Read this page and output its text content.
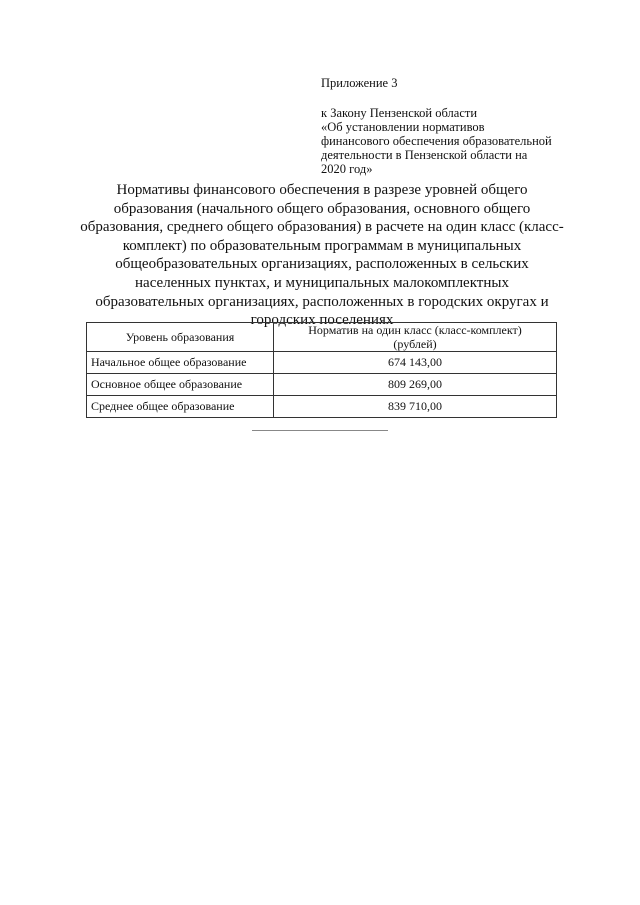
Приложение 3
к Закону Пензенской области
«Об установлении нормативов
финансового обеспечения образовательной
деятельности в Пензенской области на
2020 год»
Нормативы финансового обеспечения в разрезе уровней общего
образования (начального общего образования, основного общего
образования, среднего общего образования) в расчете на один класс (класс-
комплект) по образовательным программам в муниципальных
общеобразовательных организациях, расположенных в сельских
населенных пунктах, и муниципальных малокомплектных
образовательных организациях, расположенных в городских округах и
городских поселениях
Уровень образования	Норматив на один класс (класс-комплект)
(рублей)
Начальное общее образование	674 143,00
Основное общее образование	809 269,00
Среднее общее образование	839 710,00
